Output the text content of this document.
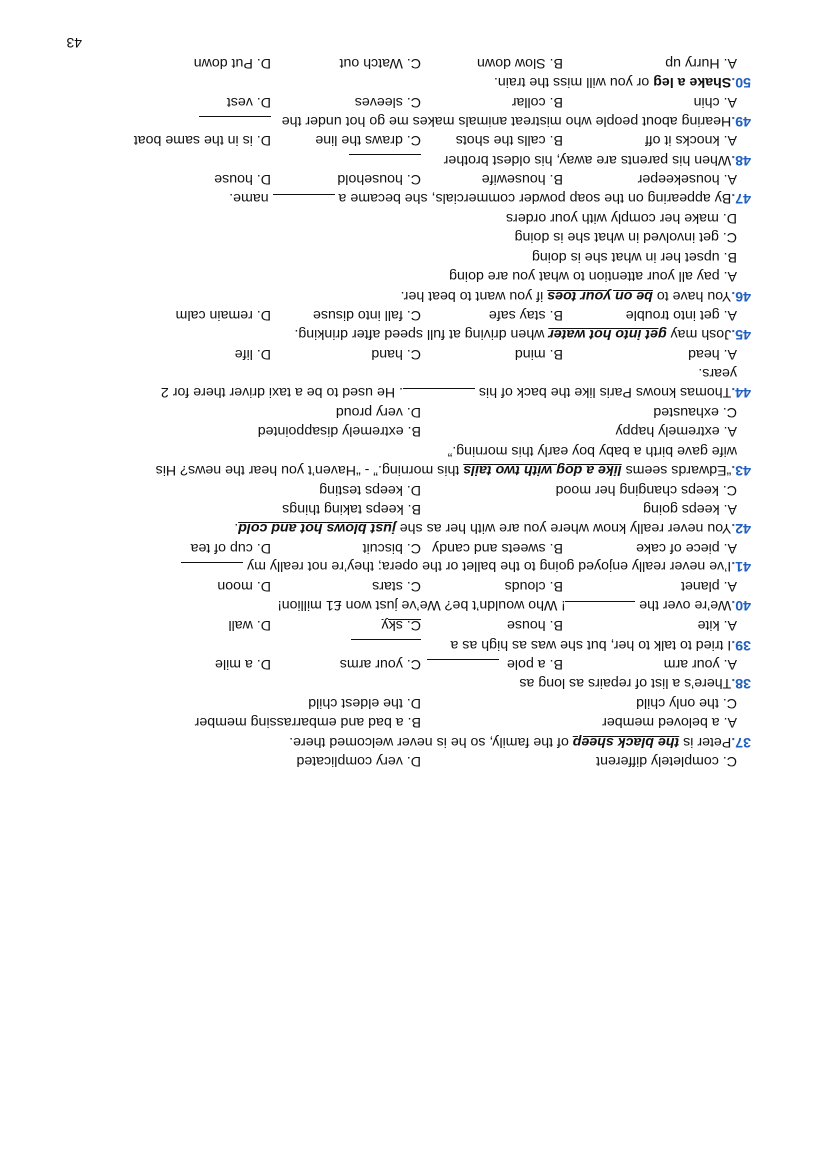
43
C. completely different
D. very complicated
37.Peter is the black sheep of the family, so he is never welcomed there.
A. a beloved member
B. a bad and embarrassing member
C. the only child
D. the eldest child
38.There’s a list of repairs as long as
A. your arm
B. a pole
C. your arms
D. a mile
39.I tried to talk to her, but she was as high as a
A. kite
B. house
C. sky
D. wall
40.We’re over the ! Who wouldn’t be? We’ve just won £1 million!
A. planet
B. clouds
C. stars
D. moon
41.I’ve never really enjoyed going to the ballet or the opera; they’re not really my
A. piece of cake
B. sweets and candy
C. biscuit
D. cup of tea
42.You never really know where you are with her as she just blows hot and cold.
A. keeps going
B. keeps taking things
C. keeps changing her mood
D. keeps testing
43.“Edwards seems like a dog with two tails this morning.” - “Haven’t you hear the news? His
wife gave birth a baby boy early this morning.”
A. extremely happy
B. extremely disappointed
C. exhausted
D. very proud
44.Thomas knows Paris like the back of his . He used to be a taxi driver there for 2
years.
A. head
B. mind
C. hand
D. life
45.Josh may get into hot water when driving at full speed after drinking.
A. get into trouble
B. stay safe
C. fall into disuse
D. remain calm
46.You have to be on your toes if you want to beat her.
A. pay all your attention to what you are doing
B. upset her in what she is doing
C. get involved in what she is doing
D. make her comply with your orders
47.By appearing on the soap powder commercials, she became a  name.
A. housekeeper
B. housewife
C. household
D. house
48.When his parents are away, his oldest brother
A. knocks it off
B. calls the shots
C. draws the line
D. is in the same boat
49.Hearing about people who mistreat animals makes me go hot under the
A. chin
B. collar
C. sleeves
D. vest
50.Shake a leg or you will miss the train.
A. Hurry up
B. Slow down
C. Watch out
D. Put down
